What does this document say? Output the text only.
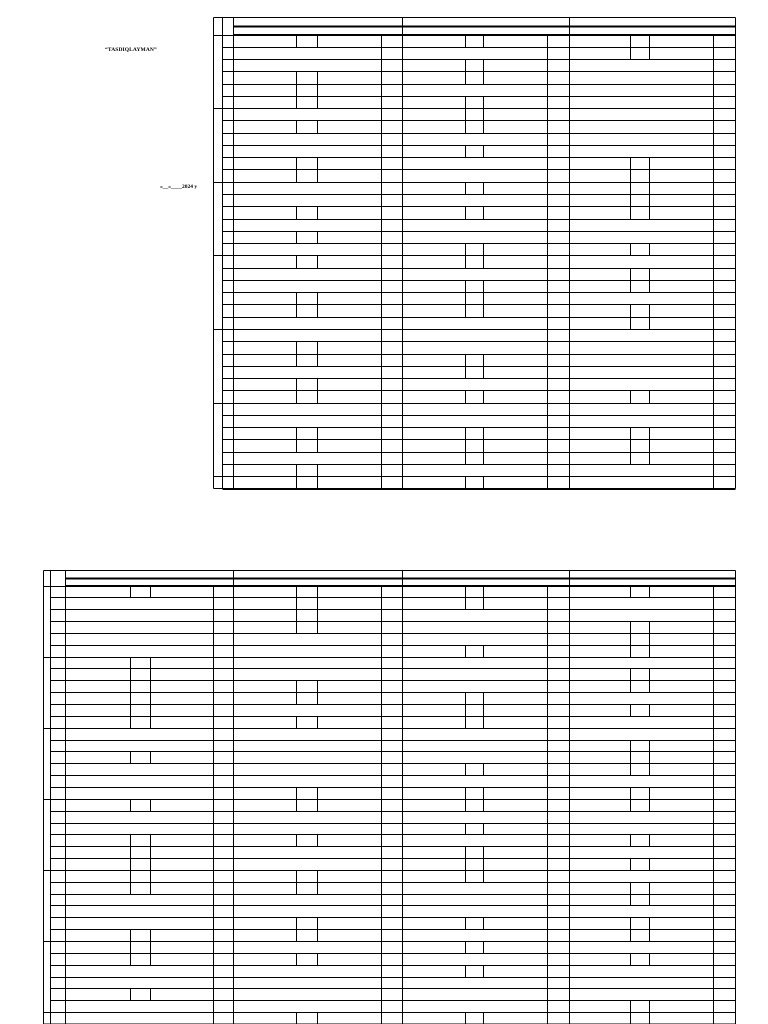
“TASDIQLAYMAN”
«__»____2024 y
